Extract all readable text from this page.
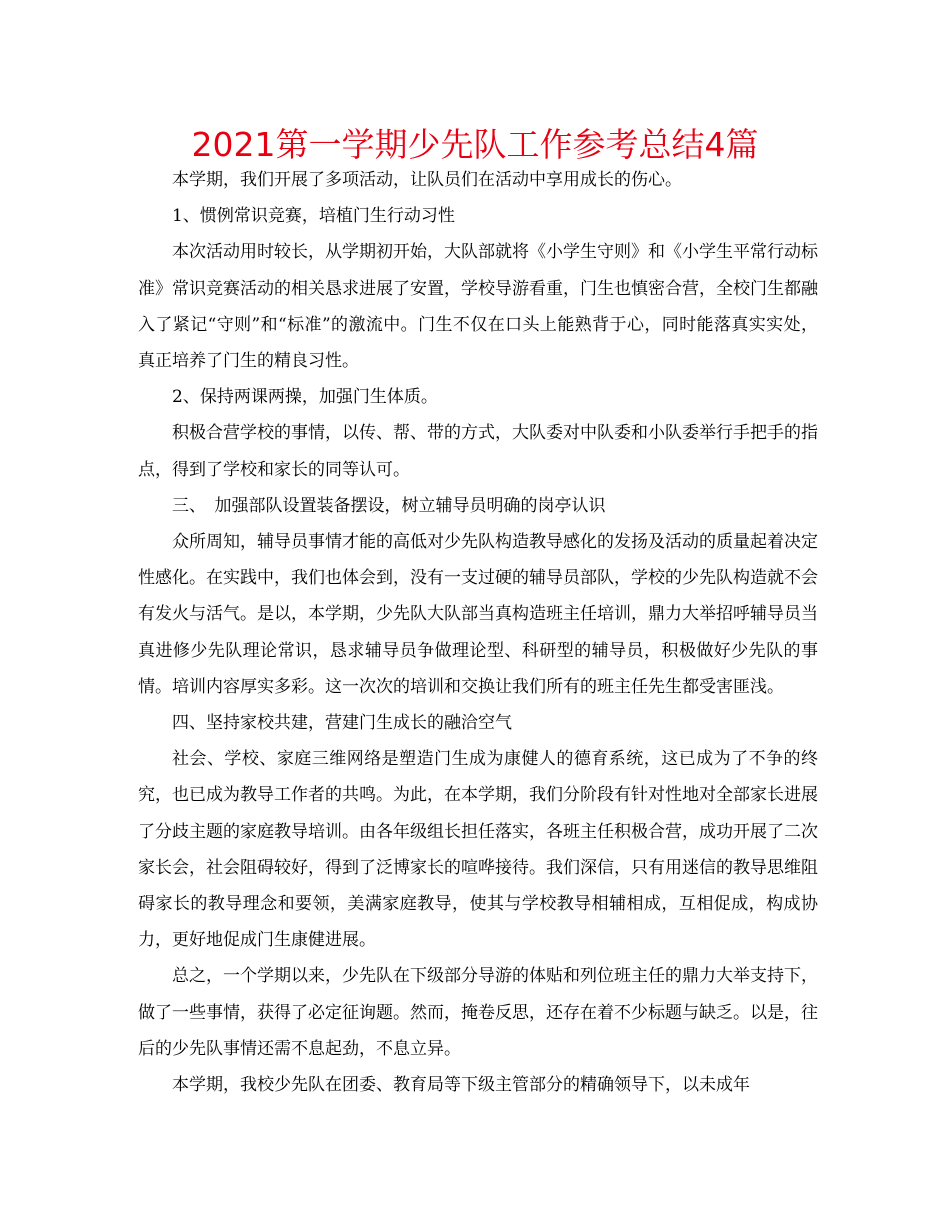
2021第一学期少先队工作参考总结4篇

本学期，我们开展了多项活动，让队员们在活动中享用成长的伤心。

1、惯例常识竞赛，培植门生行动习性

本次活动用时较长，从学期初开始，大队部就将《小学生守则》和《小学生平常行动标准》常识竞赛活动的相关恳求进展了安置，学校导游看重，门生也慎密合营，全校门生都融入了紧记“守则”和“标准”的激流中。门生不仅在口头上能熟背于心，同时能落真实实处，真正培养了门生的精良习性。

2、保持两课两操，加强门生体质。

积极合营学校的事情，以传、帮、带的方式，大队委对中队委和小队委举行手把手的指点，得到了学校和家长的同等认可。

三、　加强部队设置装备摆设，树立辅导员明确的岗亭认识

众所周知，辅导员事情才能的高低对少先队构造教导感化的发扬及活动的质量起着决定性感化。在实践中，我们也体会到，没有一支过硬的辅导员部队，学校的少先队构造就不会有发火与活气。是以，本学期，少先队大队部当真构造班主任培训，鼎力大举招呼辅导员当真进修少先队理论常识，恳求辅导员争做理论型、科研型的辅导员，积极做好少先队的事情。培训内容厚实多彩。这一次次的培训和交换让我们所有的班主任先生都受害匪浅。

四、坚持家校共建，营建门生成长的融洽空气

社会、学校、家庭三维网络是塑造门生成为康健人的德育系统，这已成为了不争的终究，也已成为教导工作者的共鸣。为此，在本学期，我们分阶段有针对性地对全部家长进展了分歧主题的家庭教导培训。由各年级组长担任落实，各班主任积极合营，成功开展了二次家长会，社会阻碍较好，得到了泛博家长的喧哗接待。我们深信，只有用迷信的教导思维阻碍家长的教导理念和要领，美满家庭教导，使其与学校教导相辅相成，互相促成，构成协力，更好地促成门生康健进展。

总之，一个学期以来，少先队在下级部分导游的体贴和列位班主任的鼎力大举支持下，做了一些事情，获得了必定征询题。然而，掩卷反思，还存在着不少标题与缺乏。以是，往后的少先队事情还需不息起劲，不息立异。

本学期，我校少先队在团委、教育局等下级主管部分的精确领导下，以未成年
